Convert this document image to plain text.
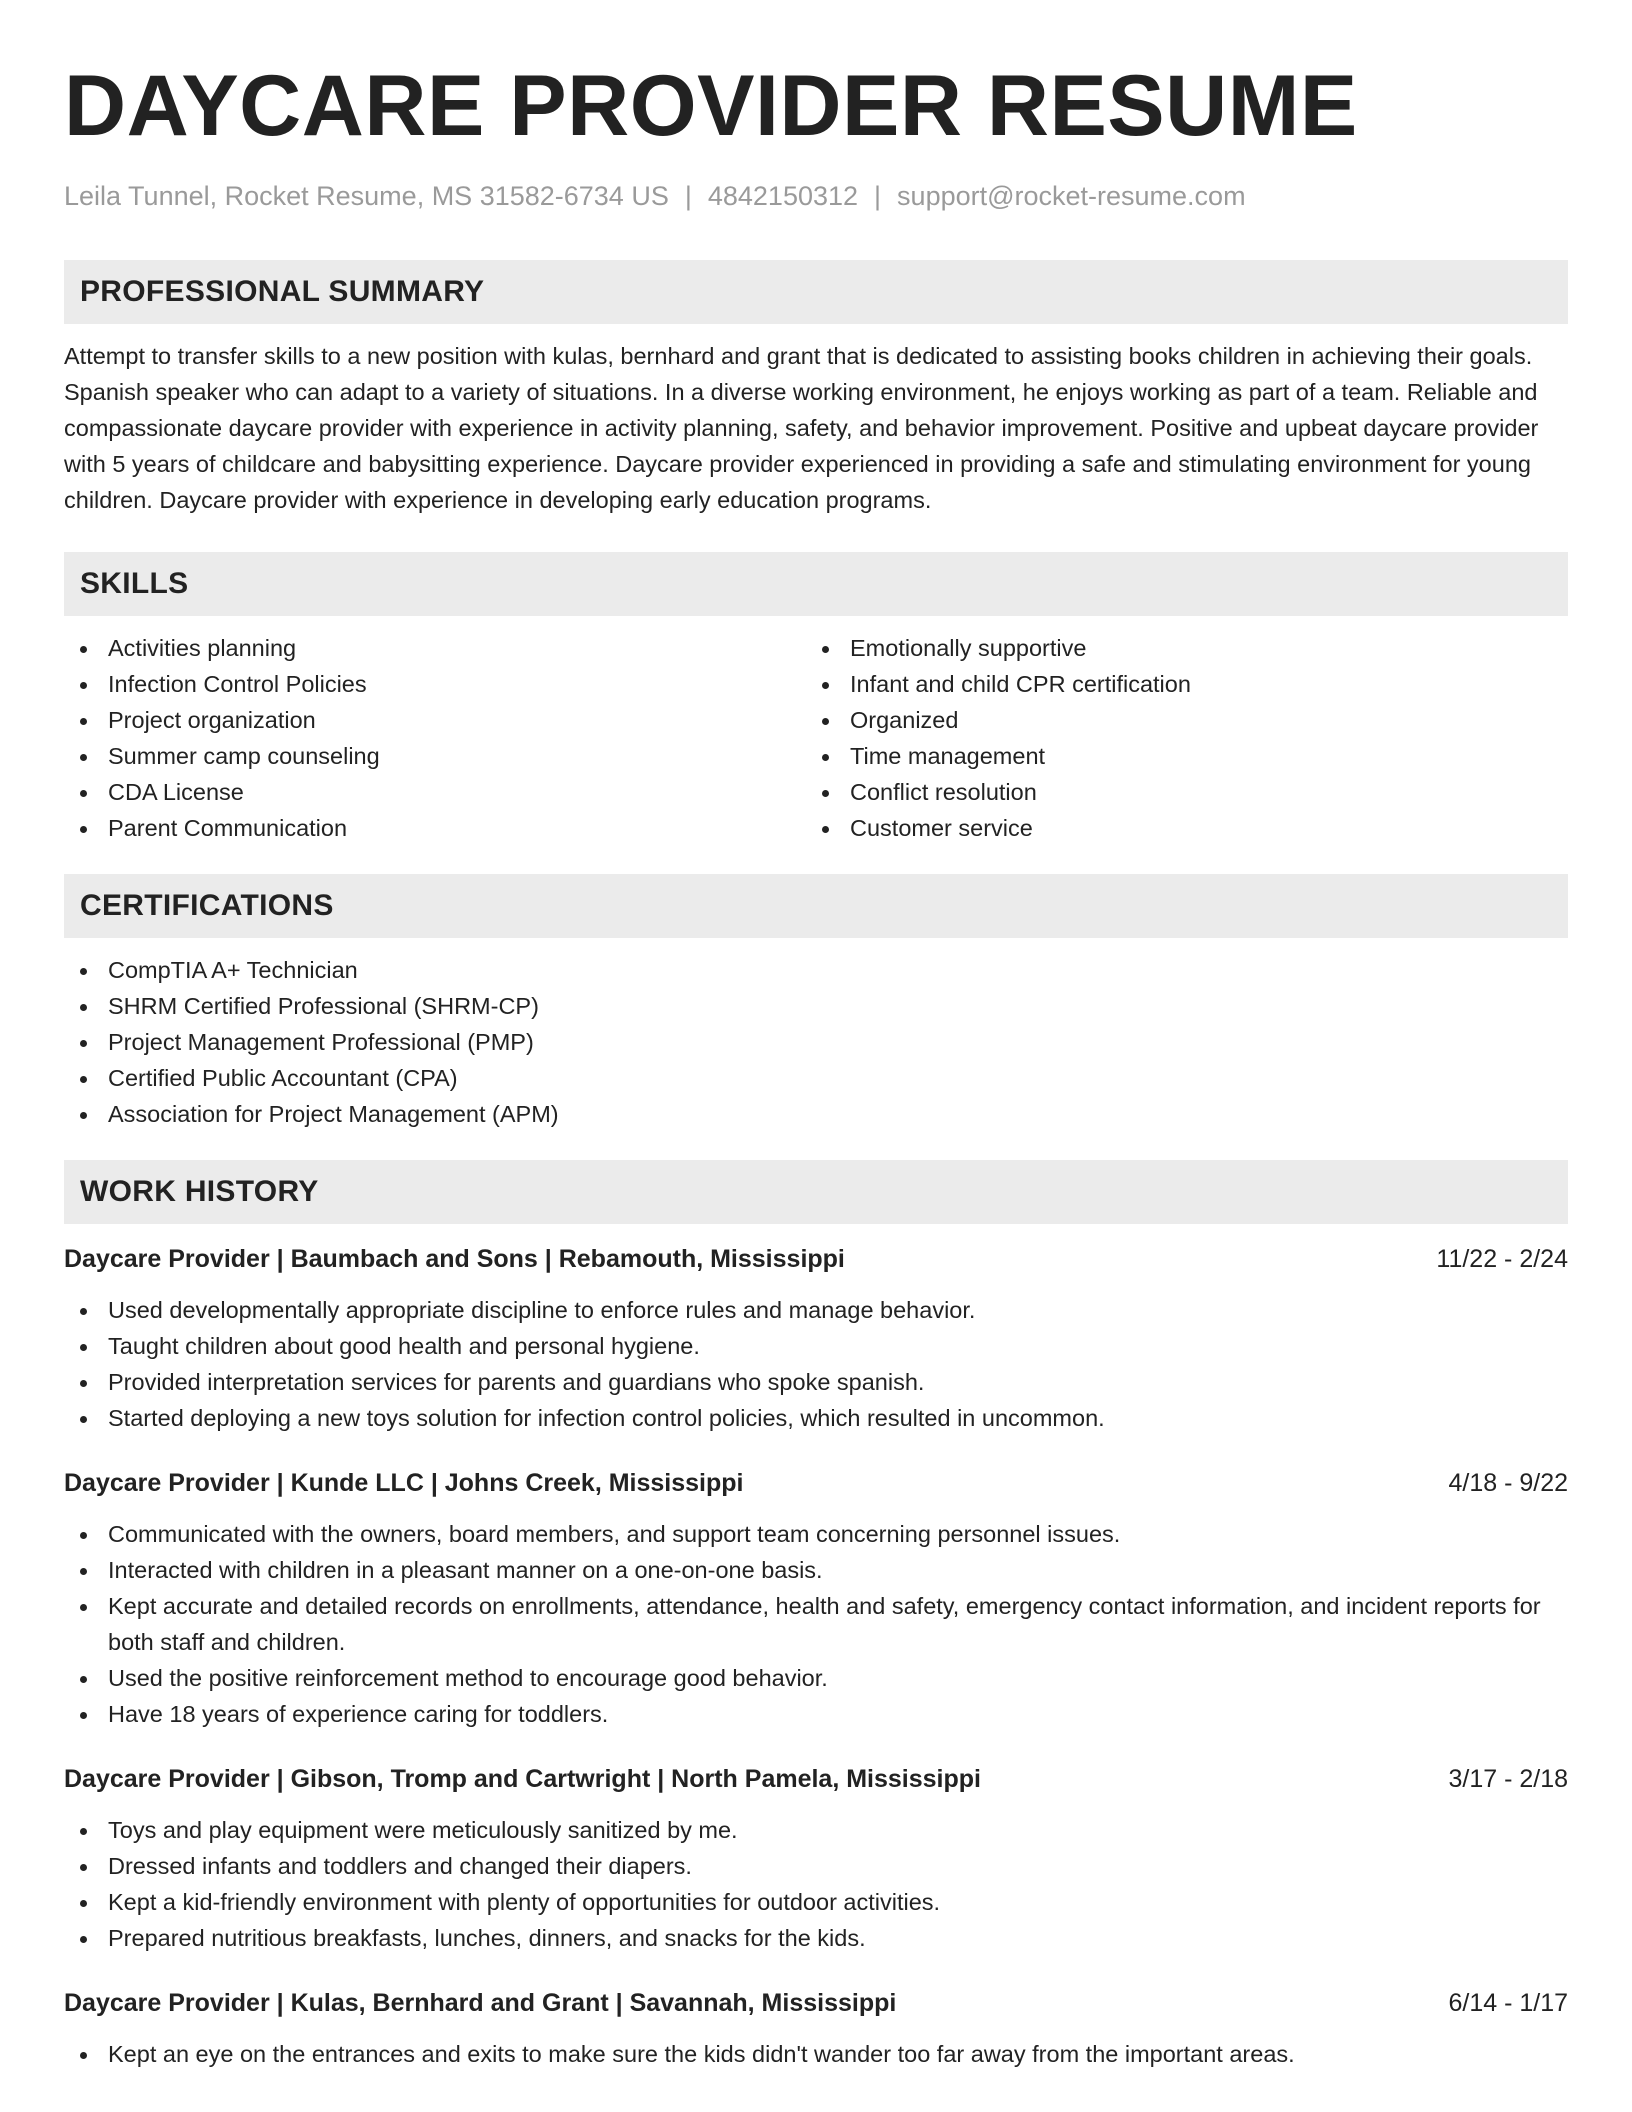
DAYCARE PROVIDER RESUME
Leila Tunnel, Rocket Resume, MS 31582-6734 US | 4842150312 | support@rocket-resume.com
PROFESSIONAL SUMMARY

Attempt to transfer skills to a new position with kulas, bernhard and grant that is dedicated to assisting books children in achieving their goals. Spanish speaker who can adapt to a variety of situations. In a diverse working environment, he enjoys working as part of a team. Reliable and compassionate daycare provider with experience in activity planning, safety, and behavior improvement. Positive and upbeat daycare provider with 5 years of childcare and babysitting experience. Daycare provider experienced in providing a safe and stimulating environment for young children. Daycare provider with experience in developing early education programs.

SKILLS
Activities planning
Infection Control Policies
Project organization
Summer camp counseling
CDA License
Parent Communication
Emotionally supportive
Infant and child CPR certification
Organized
Time management
Conflict resolution
Customer service
CERTIFICATIONS
CompTIA A+ Technician
SHRM Certified Professional (SHRM-CP)
Project Management Professional (PMP)
Certified Public Accountant (CPA)
Association for Project Management (APM)
WORK HISTORY
Daycare Provider | Baumbach and Sons | Rebamouth, Mississippi	11/22 - 2/24
Used developmentally appropriate discipline to enforce rules and manage behavior.
Taught children about good health and personal hygiene.
Provided interpretation services for parents and guardians who spoke spanish.
Started deploying a new toys solution for infection control policies, which resulted in uncommon.
Daycare Provider | Kunde LLC | Johns Creek, Mississippi	4/18 - 9/22
Communicated with the owners, board members, and support team concerning personnel issues.
Interacted with children in a pleasant manner on a one-on-one basis.
Kept accurate and detailed records on enrollments, attendance, health and safety, emergency contact information, and incident reports for both staff and children.
Used the positive reinforcement method to encourage good behavior.
Have 18 years of experience caring for toddlers.
Daycare Provider | Gibson, Tromp and Cartwright | North Pamela, Mississippi	3/17 - 2/18
Toys and play equipment were meticulously sanitized by me.
Dressed infants and toddlers and changed their diapers.
Kept a kid-friendly environment with plenty of opportunities for outdoor activities.
Prepared nutritious breakfasts, lunches, dinners, and snacks for the kids.
Daycare Provider | Kulas, Bernhard and Grant | Savannah, Mississippi	6/14 - 1/17
Kept an eye on the entrances and exits to make sure the kids didn't wander too far away from the important areas.
